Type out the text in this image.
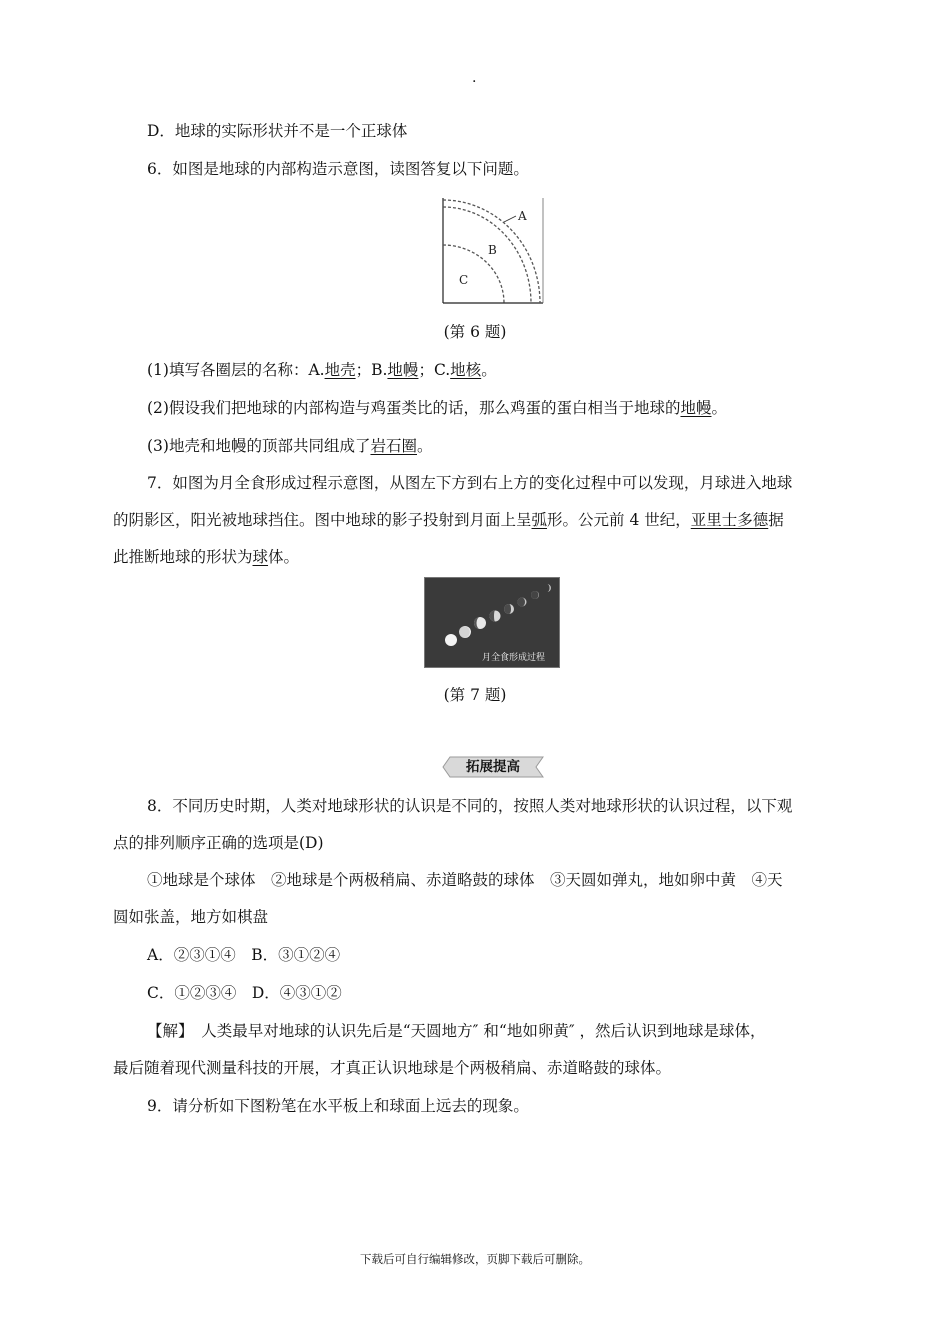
.
D．地球的实际形状并不是一个正球体
6．如图是地球的内部构造示意图，读图答复以下问题。
A
B
C
(第 6 题)
(1)填写各圈层的名称：A.地壳；B.地幔；C.地核。
(2)假设我们把地球的内部构造与鸡蛋类比的话，那么鸡蛋的蛋白相当于地球的地幔。
(3)地壳和地幔的顶部共同组成了岩石圈。
7．如图为月全食形成过程示意图，从图左下方到右上方的变化过程中可以发现，月球进入地球
的阴影区，阳光被地球挡住。图中地球的影子投射到月面上呈弧形。公元前 4 世纪，亚里士多德据
此推断地球的形状为球体。
月全食形成过程
(第 7 题)
拓展提高
8．不同历史时期，人类对地球形状的认识是不同的，按照人类对地球形状的认识过程，以下观
点的排列顺序正确的选项是(D)
①地球是个球体　②地球是个两极稍扁、赤道略鼓的球体　③天圆如弹丸，地如卵中黄　④天
圆如张盖，地方如棋盘
A．②③①④　B．③①②④
C．①②③④　D．④③①②
【解】　人类最早对地球的认识先后是“天圆地方″ 和“地如卵黄″ ，然后认识到地球是球体，
最后随着现代测量科技的开展，才真正认识地球是个两极稍扁、赤道略鼓的球体。
9．请分析如下图粉笔在水平板上和球面上远去的现象。
下载后可自行编辑修改，页脚下载后可删除。
